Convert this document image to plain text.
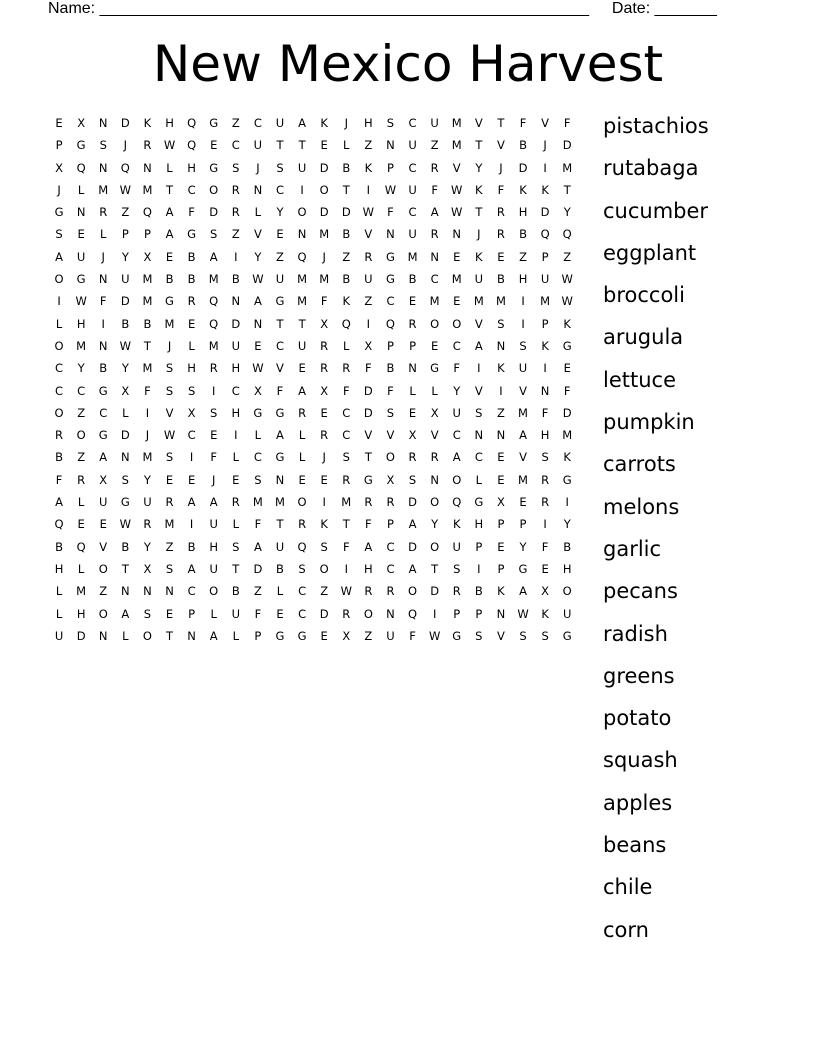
Name: _______________________________________________________ Date: _______
New Mexico Harvest
E X N D K H Q G Z C U A K J H S C U M V T F V F
P G S J R W Q E C U T T E L Z N U Z M T V B J D
X Q N Q N L H G S J S U D B K P C R V Y J D I M
J L M W M T C O R N C I O T I W U F W K F K K T
G N R Z Q A F D R L Y O D D W F C A W T R H D Y
S E L P P A G S Z V E N M B V N U R N J R B Q Q
A U J Y X E B A I Y Z Q J Z R G M N E K E Z P Z
O G N U M B B M B W U M M B U G B C M U B H U W
I W F D M G R Q N A G M F K Z C E M E M M I M W
L H I B B M E Q D N T T X Q I Q R O O V S I P K
O M N W T J L M U E C U R L X P P E C A N S K G
C Y B Y M S H R H W V E R R F B N G F I K U I E
C C G X F S S I C X F A X F D F L L Y V I V N F
O Z C L I V X S H G G R E C D S E X U S Z M F D
R O G D J W C E I L A L R C V V X V C N N A H M
B Z A N M S I F L C G L J S T O R R A C E V S K
F R X S Y E E J E S N E E R G X S N O L E M R G
A L U G U R A A R M M O I M R R D O Q G X E R I
Q E E W R M I U L F T R K T F P A Y K H P P I Y
B Q V B Y Z B H S A U Q S F A C D O U P E Y F B
H L O T X S A U T D B S O I H C A T S I P G E H
L M Z N N N C O B Z L C Z W R R O D R B K A X O
L H O A S E P L U F E C D R O N Q I P P N W K U
U D N L O T N A L P G G E X Z U F W G S V S S G
pistachios
rutabaga
cucumber
eggplant
broccoli
arugula
lettuce
pumpkin
carrots
melons
garlic
pecans
radish
greens
potato
squash
apples
beans
chile
corn
